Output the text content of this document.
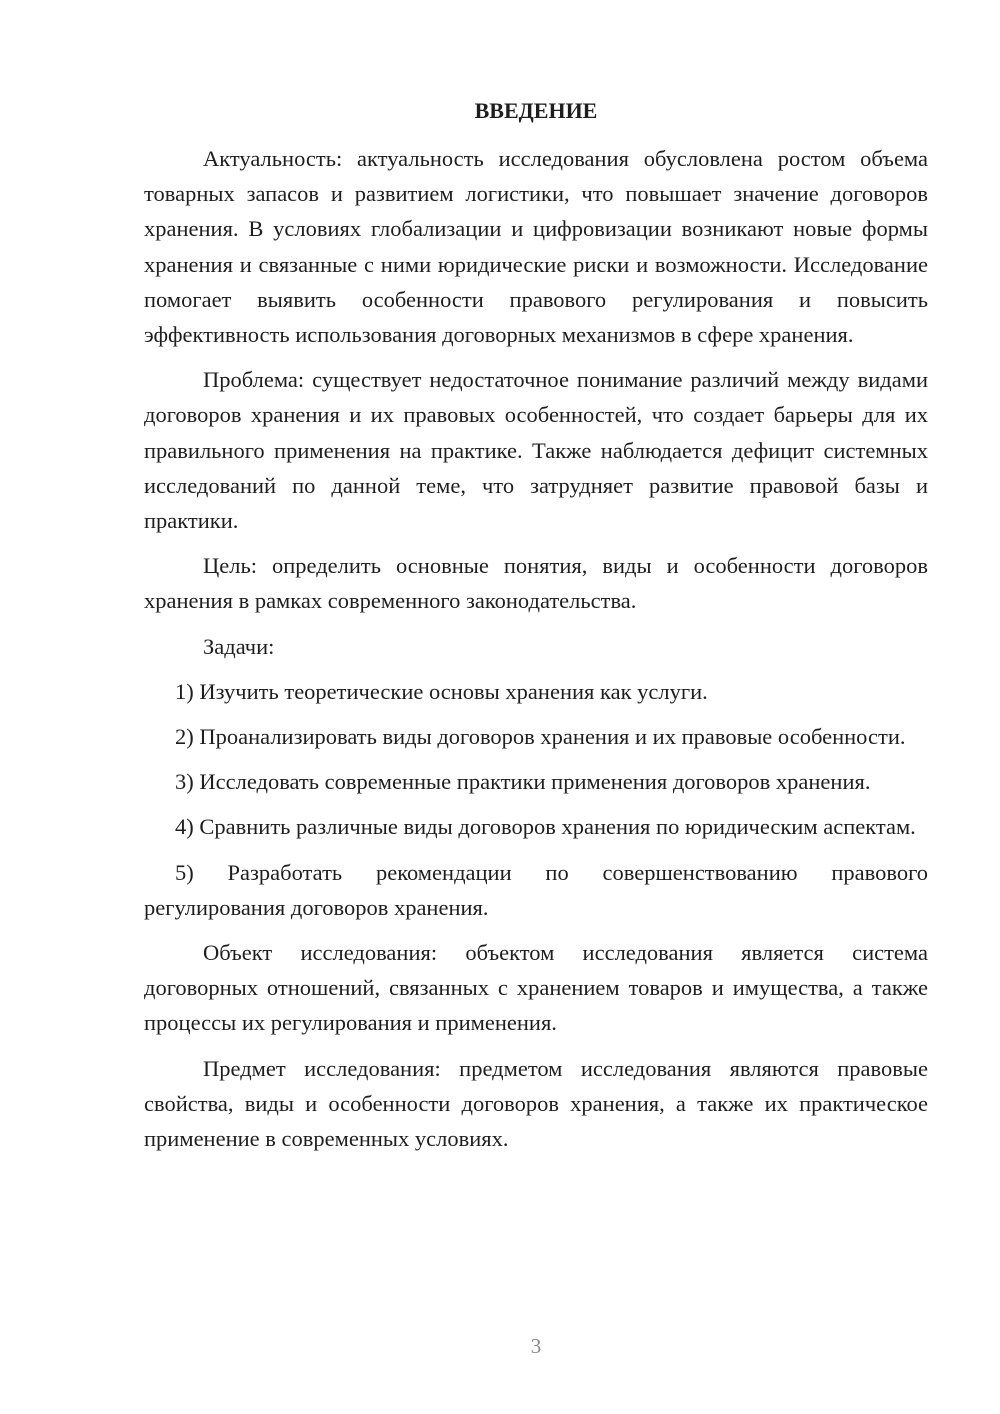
ВВЕДЕНИЕ

Актуальность: актуальность исследования обусловлена ростом объема товарных запасов и развитием логистики, что повышает значение договоров хранения. В условиях глобализации и цифровизации возникают новые формы хранения и связанные с ними юридические риски и возможности. Исследование помогает выявить особенности правового регулирования и повысить эффективность использования договорных механизмов в сфере хранения.

Проблема: существует недостаточное понимание различий между видами договоров хранения и их правовых особенностей, что создает барьеры для их правильного применения на практике. Также наблюдается дефицит системных исследований по данной теме, что затрудняет развитие правовой базы и практики.

Цель: определить основные понятия, виды и особенности договоров хранения в рамках современного законодательства.

Задачи:

1) Изучить теоретические основы хранения как услуги.

2) Проанализировать виды договоров хранения и их правовые особенности.

3) Исследовать современные практики применения договоров хранения.

4) Сравнить различные виды договоров хранения по юридическим аспектам.

5) Разработать рекомендации по совершенствованию правового регулирования договоров хранения.

Объект исследования: объектом исследования является система договорных отношений, связанных с хранением товаров и имущества, а также процессы их регулирования и применения.

Предмет исследования: предметом исследования являются правовые свойства, виды и особенности договоров хранения, а также их практическое применение в современных условиях.

3
